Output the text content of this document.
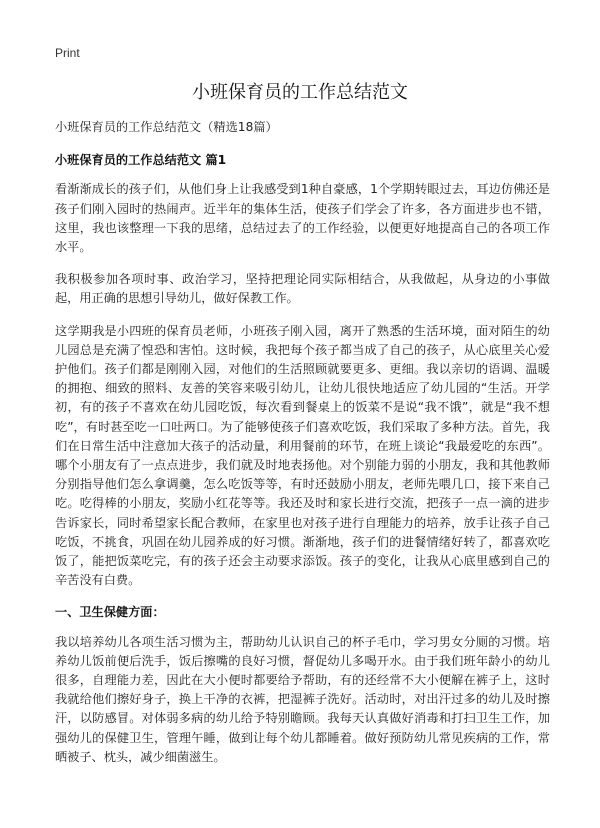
Print
小班保育员的工作总结范文

小班保育员的工作总结范文（精选18篇）

小班保育员的工作总结范文 篇1

看渐渐成长的孩子们，从他们身上让我感受到1种自豪感，1个学期转眼过去，耳边仿佛还是孩子们刚入园时的热闹声。近半年的集体生活，使孩子们学会了许多，各方面进步也不错，这里，我也该整理一下我的思绪，总结过去了的工作经验，以便更好地提高自己的各项工作水平。

我积极参加各项时事、政治学习，坚持把理论同实际相结合，从我做起，从身边的小事做起，用正确的思想引导幼儿，做好保教工作。

这学期我是小四班的保育员老师，小班孩子刚入园，离开了熟悉的生活环境，面对陌生的幼儿园总是充满了惶恐和害怕。这时候，我把每个孩子都当成了自己的孩子，从心底里关心爱护他们。孩子们都是刚刚入园，对他们的生活照顾就要更多、更细。我以亲切的语调、温暖的拥抱、细致的照料、友善的笑容来吸引幼儿，让幼儿很快地适应了幼儿园的“生活。开学初，有的孩子不喜欢在幼儿园吃饭，每次看到餐桌上的饭菜不是说“我不饿”，就是“我不想吃”，有时甚至吃一口吐两口。为了能够使孩子们喜欢吃饭，我们采取了多种方法。首先，我们在日常生活中注意加大孩子的活动量，利用餐前的环节，在班上谈论“我最爱吃的东西”。哪个小朋友有了一点点进步，我们就及时地表扬他。对个别能力弱的小朋友，我和其他教师分别指导他们怎么拿调羹，怎么吃饭等等，有时还鼓励小朋友，老师先喂几口，接下来自己吃。吃得棒的小朋友，奖励小红花等等。我还及时和家长进行交流，把孩子一点一滴的进步告诉家长，同时希望家长配合教师，在家里也对孩子进行自理能力的培养，放手让孩子自己吃饭，不挑食，巩固在幼儿园养成的好习惯。渐渐地，孩子们的进餐情绪好转了，都喜欢吃饭了，能把饭菜吃完，有的孩子还会主动要求添饭。孩子的变化，让我从心底里感到自己的辛苦没有白费。

一、卫生保健方面：

我以培养幼儿各项生活习惯为主，帮助幼儿认识自己的杯子毛巾，学习男女分厕的习惯。培养幼儿饭前便后洗手，饭后擦嘴的良好习惯，督促幼儿多喝开水。由于我们班年龄小的幼儿很多，自理能力差，因此在大小便时都要给予帮助，有的还经常不大小便解在裤子上，这时我就给他们擦好身子，换上干净的衣裤，把湿裤子洗好。活动时，对出汗过多的幼儿及时擦汗，以防感冒。对体弱多病的幼儿给予特别瞻顾。我每天认真做好消毒和打扫卫生工作，加强幼儿的保健卫生，管理午睡，做到让每个幼儿都睡着。做好预防幼儿常见疾病的工作，常晒被子、枕头，减少细菌滋生。
